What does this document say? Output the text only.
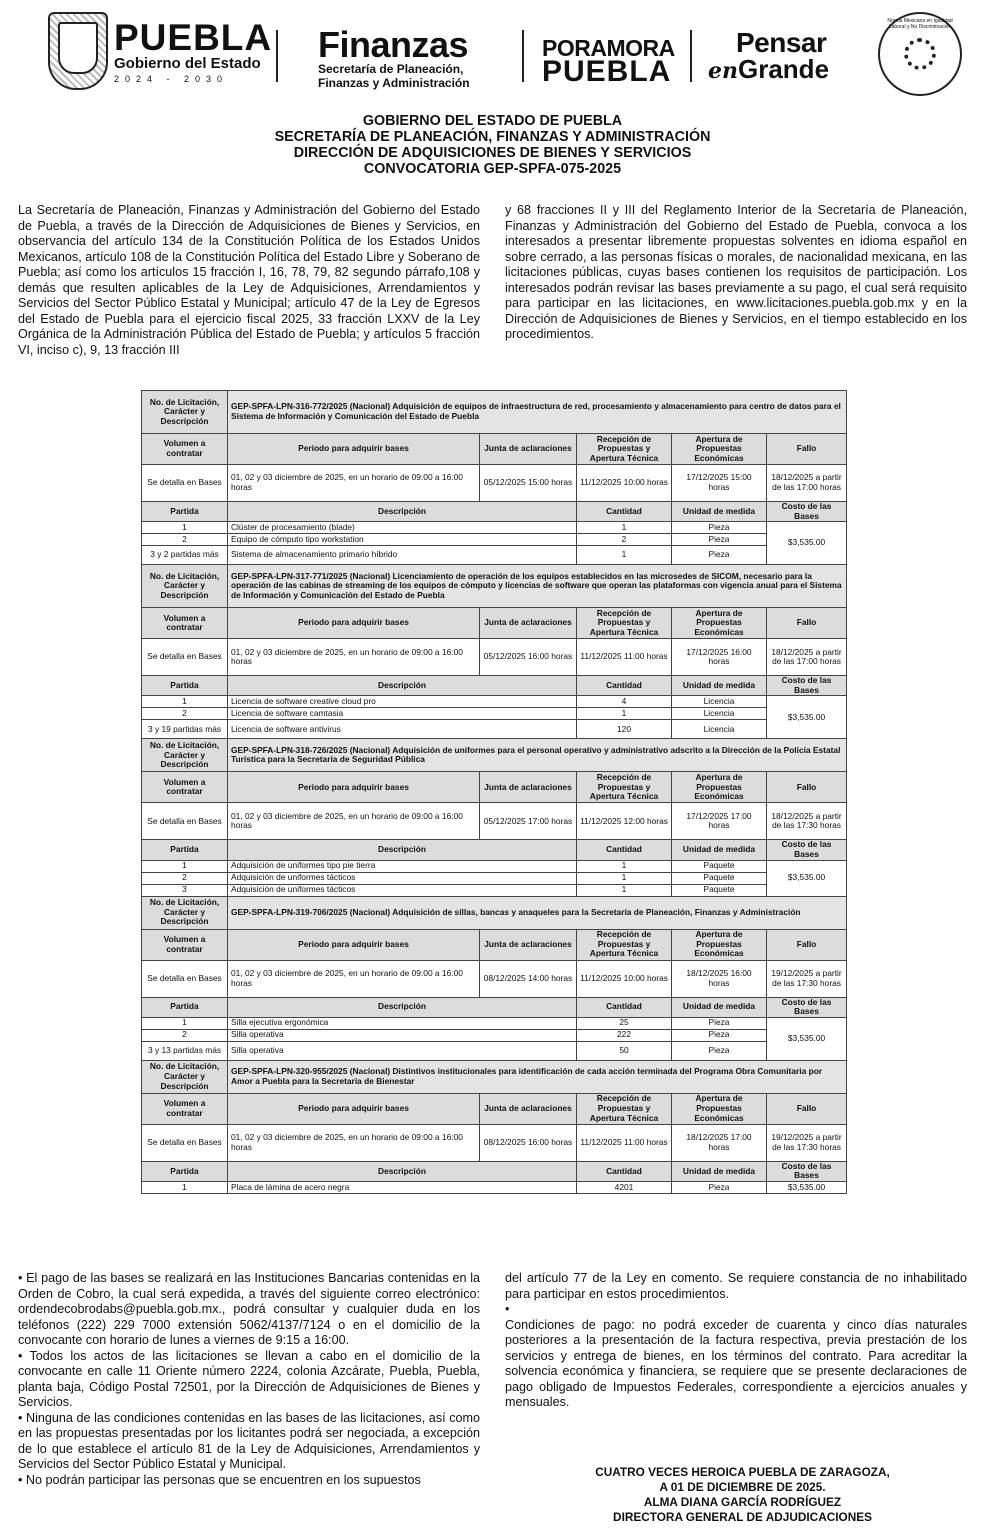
PUEBLA
Gobierno del Estado
2024 - 2030
Finanzas
Secretaría de Planeación,
Finanzas y Administración
PORAMORA
PUEBLA
Pensar
enGrande
Norma Mexicana en Igualdad Laboral y No Discriminación
GOBIERNO DEL ESTADO DE PUEBLA
SECRETARÍA DE PLANEACIÓN, FINANZAS Y ADMINISTRACIÓN
DIRECCIÓN DE ADQUISICIONES DE BIENES Y SERVICIOS
CONVOCATORIA GEP-SPFA-075-2025
La Secretaría de Planeación, Finanzas y Administración del Gobierno del Estado de Puebla, a través de la Dirección de Adquisiciones de Bienes y Servicios, en observancia del artículo 134 de la Constitución Política de los Estados Unidos Mexicanos, artículo 108 de la Constitución Política del Estado Libre y Soberano de Puebla; así como los artículos 15 fracción I, 16, 78, 79, 82 segundo párrafo,108 y demás que resulten aplicables de la Ley de Adquisiciones, Arrendamientos y Servicios del Sector Público Estatal y Municipal; artículo 47 de la Ley de Egresos del Estado de Puebla para el ejercicio fiscal 2025, 33 fracción LXXV de la Ley Orgánica de la Administración Pública del Estado de Puebla; y artículos 5 fracción VI, inciso c), 9, 13 fracción III
y 68 fracciones II y III del Reglamento Interior de la Secretaría de Planeación, Finanzas y Administración del Gobierno del Estado de Puebla, convoca a los interesados a presentar libremente propuestas solventes en idioma español en sobre cerrado, a las personas físicas o morales, de nacionalidad mexicana, en las licitaciones públicas, cuyas bases contienen los requisitos de participación. Los interesados podrán revisar las bases previamente a su pago, el cual será requisito para participar en las licitaciones, en www.licitaciones.puebla.gob.mx y en la Dirección de Adquisiciones de Bienes y Servicios, en el tiempo establecido en los procedimientos.
No. de Licitación, Carácter y Descripción	GEP-SPFA-LPN-316-772/2025 (Nacional) Adquisición de equipos de infraestructura de red, procesamiento y almacenamiento para centro de datos para el Sistema de Información y Comunicación del Estado de Puebla				
Volumen a contratar	Periodo para adquirir bases	Junta de aclaraciones	Recepción de Propuestas y Apertura Técnica	Apertura de Propuestas Económicas	Fallo
Se detalla en Bases	01, 02 y 03 diciembre de 2025, en un horario de 09:00 a 16:00 horas	05/12/2025 15:00 horas	11/12/2025 10:00 horas	17/12/2025 15:00 horas	18/12/2025 a partir de las 17:00 horas
Partida	Descripción		Cantidad	Unidad de medida	Costo de las Bases
1	Clúster de procesamiento (blade)		1	Pieza	$3,535.00
2	Equipo de cómputo tipo workstation		2	Pieza	
3 y 2 partidas más	Sistema de almacenamiento primario híbrido		1	Pieza	
No. de Licitación, Carácter y Descripción	GEP-SPFA-LPN-317-771/2025 (Nacional) Licenciamiento de operación de los equipos establecidos en las microsedes de SICOM, necesario para la operación de las cabinas de streaming de los equipos de cómputo y licencias de software que operan las plataformas con vigencia anual para el Sistema de Información y Comunicación del Estado de Puebla				
Volumen a contratar	Periodo para adquirir bases	Junta de aclaraciones	Recepción de Propuestas y Apertura Técnica	Apertura de Propuestas Económicas	Fallo
Se detalla en Bases	01, 02 y 03 diciembre de 2025, en un horario de 09:00 a 16:00 horas	05/12/2025 16:00 horas	11/12/2025 11:00 horas	17/12/2025 16:00 horas	18/12/2025 a partir de las 17:00 horas
Partida	Descripción		Cantidad	Unidad de medida	Costo de las Bases
1	Licencia de software creative cloud pro		4	Licencia	$3,535.00
2	Licencia de software camtasia		1	Licencia	
3 y 19 partidas más	Licencia de software antivirus		120	Licencia	
No. de Licitación, Carácter y Descripción	GEP-SPFA-LPN-318-726/2025 (Nacional) Adquisición de uniformes para el personal operativo y administrativo adscrito a la Dirección de la Policía Estatal Turística para la Secretaría de Seguridad Pública				
Volumen a contratar	Periodo para adquirir bases	Junta de aclaraciones	Recepción de Propuestas y Apertura Técnica	Apertura de Propuestas Económicas	Fallo
Se detalla en Bases	01, 02 y 03 diciembre de 2025, en un horario de 09:00 a 16:00 horas	05/12/2025 17:00 horas	11/12/2025 12:00 horas	17/12/2025 17:00 horas	18/12/2025 a partir de las 17:30 horas
Partida	Descripción		Cantidad	Unidad de medida	Costo de las Bases
1	Adquisición de uniformes tipo pie tierra		1	Paquete	$3,535.00
2	Adquisición de uniformes tácticos		1	Paquete	
3	Adquisición de uniformes tácticos		1	Paquete	
No. de Licitación, Carácter y Descripción	GEP-SPFA-LPN-319-706/2025 (Nacional) Adquisición de sillas, bancas y anaqueles para la Secretaría de Planeación, Finanzas y Administración				
Volumen a contratar	Periodo para adquirir bases	Junta de aclaraciones	Recepción de Propuestas y Apertura Técnica	Apertura de Propuestas Económicas	Fallo
Se detalla en Bases	01, 02 y 03 diciembre de 2025, en un horario de 09:00 a 16:00 horas	08/12/2025 14:00 horas	11/12/2025 10:00 horas	18/12/2025 16:00 horas	19/12/2025 a partir de las 17:30 horas
Partida	Descripción		Cantidad	Unidad de medida	Costo de las Bases
1	Silla ejecutiva ergonómica		25	Pieza	$3,535.00
2	Silla operativa		222	Pieza	
3 y 13 partidas más	Silla operativa		50	Pieza	
No. de Licitación, Carácter y Descripción	GEP-SPFA-LPN-320-955/2025 (Nacional) Distintivos institucionales para identificación de cada acción terminada del Programa Obra Comunitaria por Amor a Puebla para la Secretaría de Bienestar				
Volumen a contratar	Periodo para adquirir bases	Junta de aclaraciones	Recepción de Propuestas y Apertura Técnica	Apertura de Propuestas Económicas	Fallo
Se detalla en Bases	01, 02 y 03 diciembre de 2025, en un horario de 09:00 a 16:00 horas	08/12/2025 16:00 horas	11/12/2025 11:00 horas	18/12/2025 17:00 horas	19/12/2025 a partir de las 17:30 horas
Partida	Descripción		Cantidad	Unidad de medida	Costo de las Bases
1	Placa de lámina de acero negra		4201	Pieza	$3,535.00

• El pago de las bases se realizará en las Instituciones Bancarias contenidas en la Orden de Cobro, la cual será expedida, a través del siguiente correo electrónico: ordendecobrodabs@puebla.gob.mx., podrá consultar y cualquier duda en los teléfonos (222) 229 7000 extensión 5062/4137/7124 o en el domicilio de la convocante con horario de lunes a viernes de 9:15 a 16:00.

• Todos los actos de las licitaciones se llevan a cabo en el domicilio de la convocante en calle 11 Oriente número 2224, colonia Azcárate, Puebla, Puebla, planta baja, Código Postal 72501, por la Dirección de Adquisiciones de Bienes y Servicios.

• Ninguna de las condiciones contenidas en las bases de las licitaciones, así como en las propuestas presentadas por los licitantes podrá ser negociada, a excepción de lo que establece el artículo 81 de la Ley de Adquisiciones, Arrendamientos y Servicios del Sector Público Estatal y Municipal.

• No podrán participar las personas que se encuentren en los supuestos

del artículo 77 de la Ley en comento. Se requiere constancia de no inhabilitado para participar en estos procedimientos.

•

Condiciones de pago: no podrá exceder de cuarenta y cinco días naturales posteriores a la presentación de la factura respectiva, previa prestación de los servicios y entrega de bienes, en los términos del contrato. Para acreditar la solvencia económica y financiera, se requiere que se presente declaraciones de pago obligado de Impuestos Federales, correspondiente a ejercicios anuales y mensuales.

CUATRO VECES HEROICA PUEBLA DE ZARAGOZA,
A 01 DE DICIEMBRE DE 2025.
ALMA DIANA GARCÍA RODRÍGUEZ
DIRECTORA GENERAL DE ADJUDICACIONES
